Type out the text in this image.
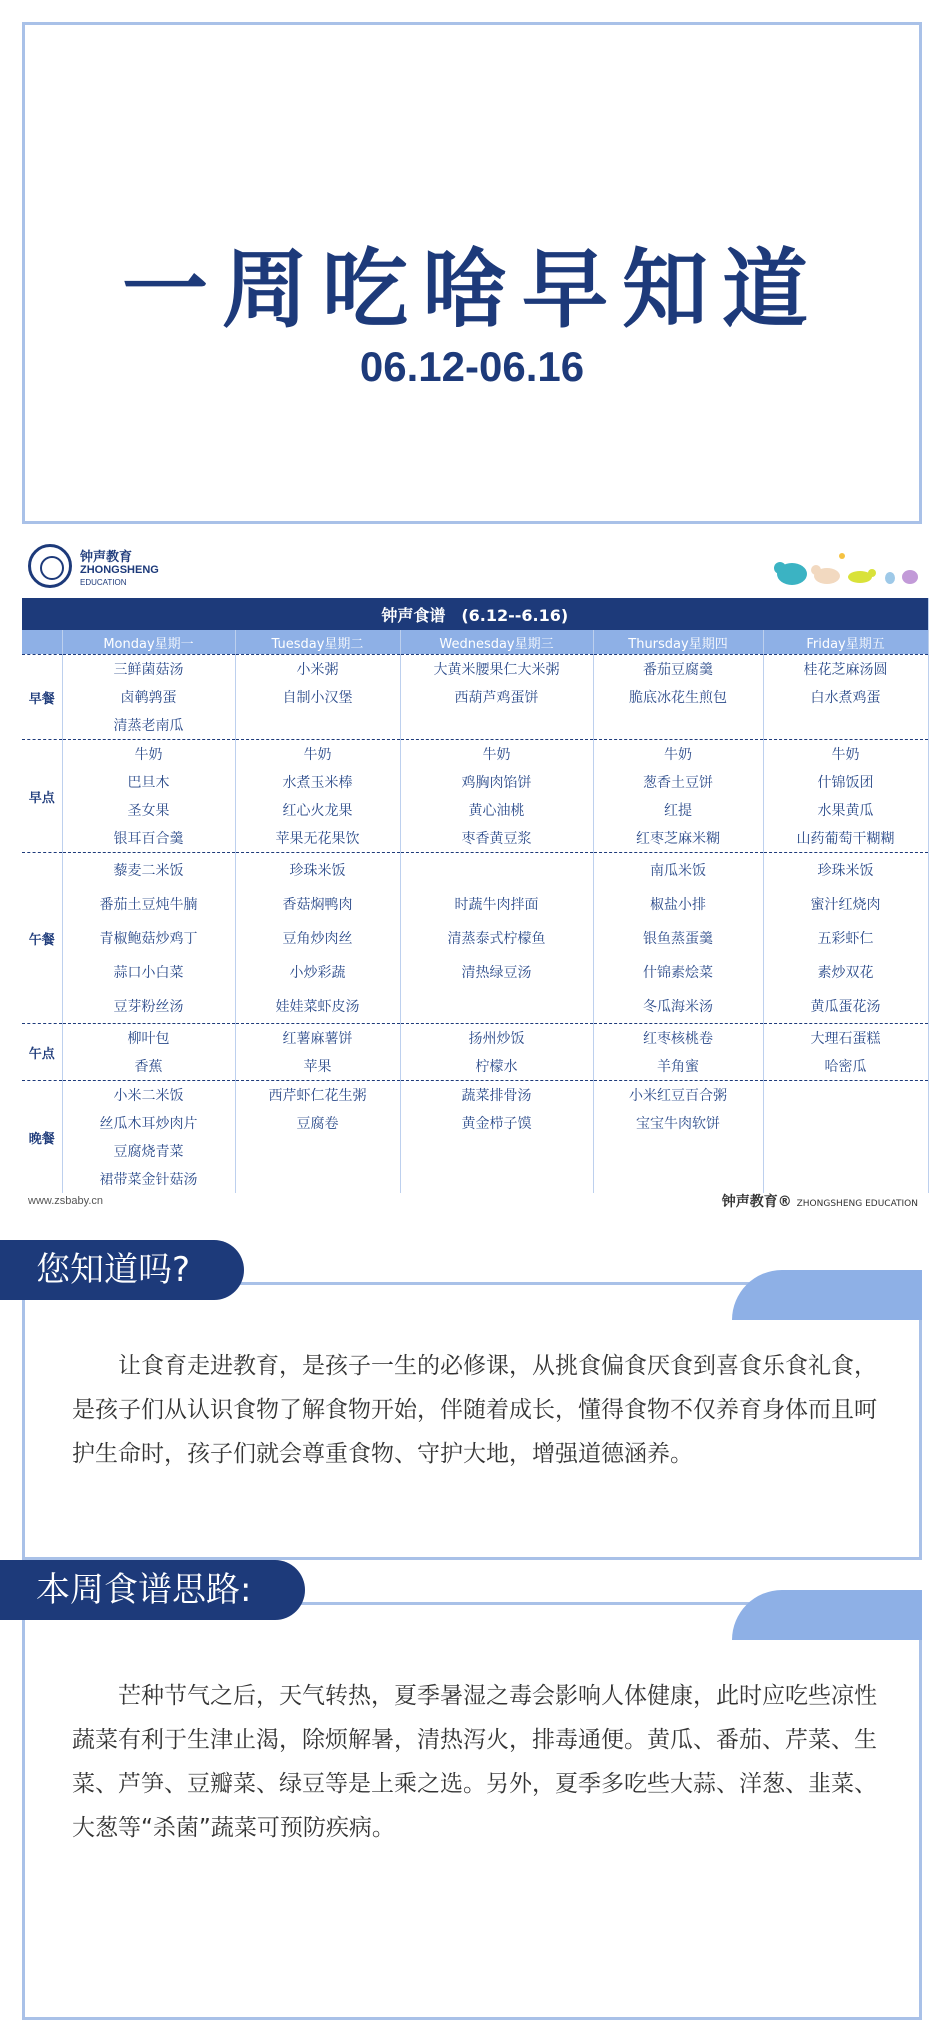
一周吃啥早知道
06.12-06.16
钟声教育
ZHONGSHENG
EDUCATION
钟声食谱　(6.12--6.16)					
	Monday星期一	Tuesday星期二	Wednesday星期三	Thursday星期四	Friday星期五
早餐	三鲜菌菇汤	小米粥	大黄米腰果仁大米粥	番茄豆腐羹	桂花芝麻汤圆
	卤鹌鹑蛋	自制小汉堡	西葫芦鸡蛋饼	脆底冰花生煎包	白水煮鸡蛋
	清蒸老南瓜				
早点	牛奶	牛奶	牛奶	牛奶	牛奶
	巴旦木	水煮玉米棒	鸡胸肉馅饼	葱香土豆饼	什锦饭团
	圣女果	红心火龙果	黄心油桃	红提	水果黄瓜
	银耳百合羹	苹果无花果饮	枣香黄豆浆	红枣芝麻米糊	山药葡萄干糊糊
午餐	藜麦二米饭	珍珠米饭		南瓜米饭	珍珠米饭
	番茄土豆炖牛腩	香菇焖鸭肉	时蔬牛肉拌面	椒盐小排	蜜汁红烧肉
	青椒鲍菇炒鸡丁	豆角炒肉丝	清蒸泰式柠檬鱼	银鱼蒸蛋羹	五彩虾仁
	蒜口小白菜	小炒彩蔬	清热绿豆汤	什锦素烩菜	素炒双花
	豆芽粉丝汤	娃娃菜虾皮汤		冬瓜海米汤	黄瓜蛋花汤
午点	柳叶包	红薯麻薯饼	扬州炒饭	红枣核桃卷	大理石蛋糕
	香蕉	苹果	柠檬水	羊角蜜	哈密瓜
晚餐	小米二米饭	西芹虾仁花生粥	蔬菜排骨汤	小米红豆百合粥	
	丝瓜木耳炒肉片	豆腐卷	黄金栉子馍	宝宝牛肉软饼	
	豆腐烧青菜				
	裙带菜金针菇汤				
www.zsbaby.cn	钟声教育® ZHONGSHENG EDUCATION
您知道吗?

让食育走进教育，是孩子一生的必修课，从挑食偏食厌食到喜食乐食礼食，是孩子们从认识食物了解食物开始，伴随着成长，懂得食物不仅养育身体而且呵护生命时，孩子们就会尊重食物、守护大地，增强道德涵养。

本周食谱思路:

芒种节气之后，天气转热，夏季暑湿之毒会影响人体健康，此时应吃些凉性蔬菜有利于生津止渴，除烦解暑，清热泻火，排毒通便。黄瓜、番茄、芹菜、生菜、芦笋、豆瓣菜、绿豆等是上乘之选。另外，夏季多吃些大蒜、洋葱、韭菜、大葱等“杀菌”蔬菜可预防疾病。
